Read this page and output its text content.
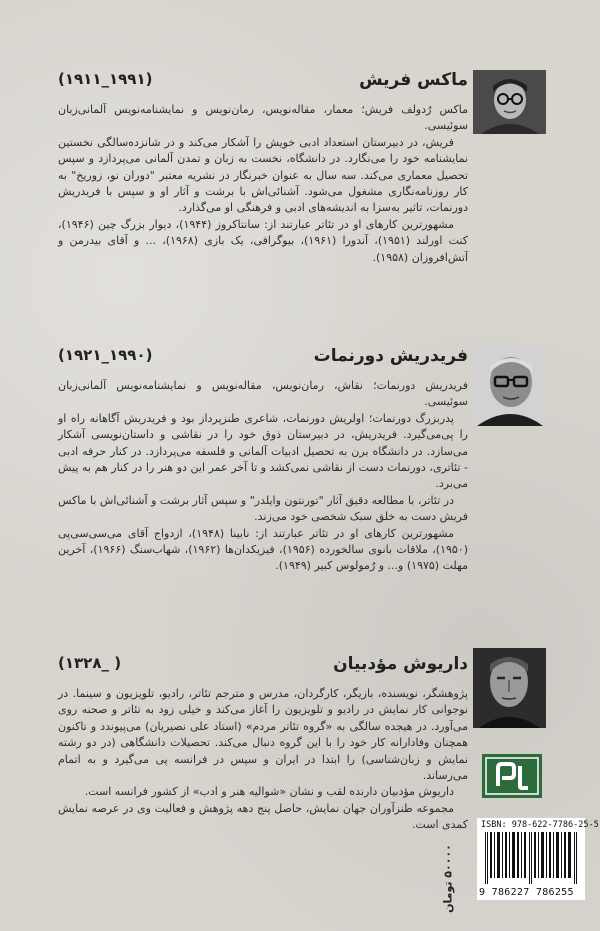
ماکس فریش
(۱۹۱۱_۱۹۹۱)

ماکس رُدولف فریش؛ معمار، مقاله‌نویس، رمان‌نویس و نمایشنامه‌نویس آلمانی‌زبان سوئیسی.

فریش، در دبیرستان استعداد ادبی خویش را آشکار می‌کند و در شانزده‌سالگی نخستین نمایشنامه خود را می‌نگارد. در دانشگاه، نخست به زبان و تمدن آلمانی می‌پردازد و سپس تحصیل معماری می‌کند. سه سال به عنوان خبرنگار در نشریه معتبر "دوران نو، زوریخ" به کار روزنامه‌نگاری مشغول می‌شود. آشنائی‌اش با برشت و آثار او و سپس با فریدریش دورنمات، تاثیر به‌سزا به اندیشه‌های ادبی و فرهنگی او می‌گذارد.

مشهورترین کارهای او در تئاتر عبارتند از: سانتاکروز (۱۹۴۴)، دیوار بزرگ چین (۱۹۴۶)، کنت اورلند (۱۹۵۱)، آندورا (۱۹۶۱)، بیوگرافی، یک بازی (۱۹۶۸)، ... و آقای بیدرمن و آتش‌افروزان (۱۹۵۸).

فریدریش دورنمات
(۱۹۲۱_۱۹۹۰)

فریدریش دورنمات؛ نقاش، رمان‌نویس، مقاله‌نویس و نمایشنامه‌نویس آلمانی‌زبان سوئیسی.

پدربزرگ دورنمات؛ اولریش دورنمات، شاعری طنزپرداز بود و فریدریش آگاهانه راه او را پی‌می‌گیرد. فریدریش، در دبیرستان ذوق خود را در نقاشی و داستان‌نویسی آشکار می‌سازد. در دانشگاه برن به تحصیل ادبیات آلمانی و فلسفه می‌پردازد. در کنار حرفه ادبی - تئاتری، دورنمات دست از نقاشی نمی‌کشد و تا آخر عمر این دو هنر را در کنار هم به پیش می‌برد.

در تئاتر، با مطالعه دقیق آثار "تورنتون وایلدر" و سپس آثار برشت و آشنائی‌اش با ماکس فریش دست به خلق سبک شخصی خود می‌زند.

مشهورترین کارهای او در تئاتر عبارتند از: نابینا (۱۹۴۸)، ازدواج آقای می‌سی‌سی‌پی (۱۹۵۰)، ملاقات بانوی سالخورده (۱۹۵۶)، فیزیکدان‌ها (۱۹۶۲)، شهاب‌سنگ (۱۹۶۶)، آخرین مهلت (۱۹۷۵) و... و رُمولوس کبیر (۱۹۴۹).

داریوش مؤدبیان
(۱۳۲۸_ )

پژوهشگر، نویسنده، بازیگر، کارگردان، مدرس و مترجم تئاتر، رادیو، تلویزیون و سینما. در نوجوانی کار نمایش در رادیو و تلویزیون را آغاز می‌کند و خیلی زود به تئاتر و صحنه روی می‌آورد. در هیجده سالگی به «گروه تئاتر مردم» (استاد علی نصیریان) می‌پیوندد و تاکنون همچنان وفادارانه کار خود را با این گروه دنبال می‌کند. تحصیلات دانشگاهی (در دو رشته نمایش و زبان‌شناسی) را ابتدا در ایران و سپس در فرانسه پی می‌گیرد و به اتمام می‌رساند.

داریوش مؤدبیان دارنده لقب و نشان «شوالیه هنر و ادب» از کشور فرانسه است.

مجموعه طنزآوران جهان نمایش، حاصل پنج دهه پژوهش و فعالیت وی در عرصه نمایش کمدی است.

۵۰۰۰۰ تومان
ISBN: 978-622-7786-25-5
9 786227 786255
